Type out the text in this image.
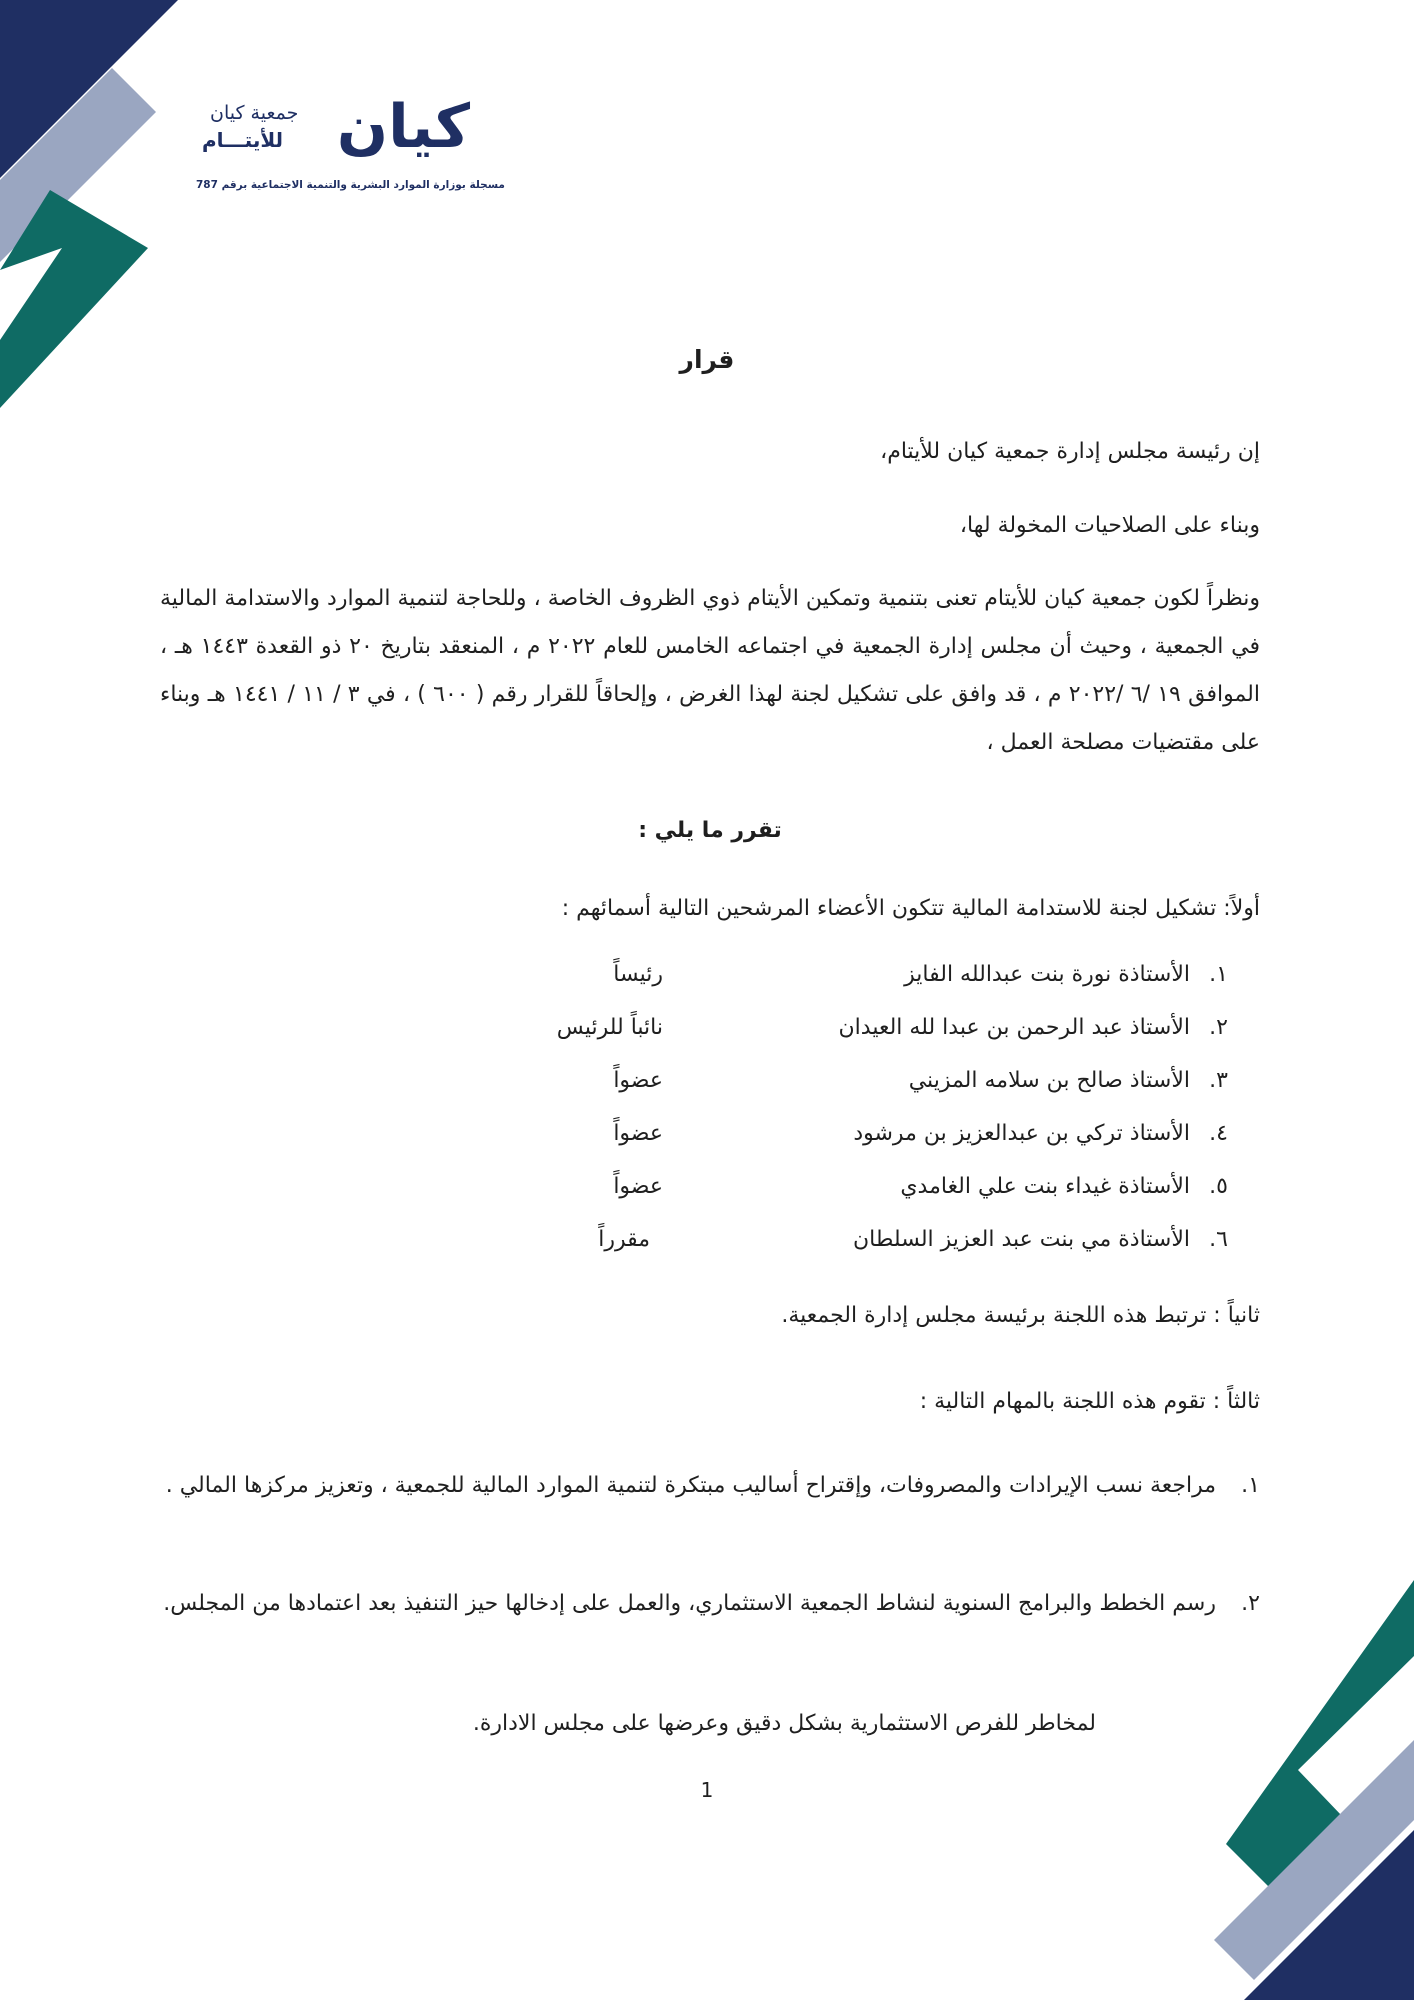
كيان
جمعية كيان
للأيتـــام
مسجلة بوزارة الموارد البشرية والتنمية الاجتماعية برقم 787
قرار
إن رئيسة مجلس إدارة جمعية كيان للأيتام،
وبناء على الصلاحيات المخولة لها،
ونظراً لكون جمعية كيان للأيتام تعنى بتنمية وتمكين الأيتام ذوي الظروف الخاصة ، وللحاجة لتنمية الموارد والاستدامة المالية في الجمعية ، وحيث أن مجلس إدارة الجمعية في اجتماعه الخامس للعام ٢٠٢٢ م ، المنعقد بتاريخ ٢٠ ذو القعدة ١٤٤٣ هـ ، الموافق ١٩ /٦ /٢٠٢٢ م ، قد وافق على تشكيل لجنة لهذا الغرض ، وإلحاقاً للقرار رقم ( ٦٠٠ ) ، في ٣ / ١١ / ١٤٤١ هـ وبناء على مقتضيات مصلحة العمل ،
تقرر ما يلي :
أولاً: تشكيل لجنة للاستدامة المالية تتكون الأعضاء المرشحين التالية أسمائهم :
١.
الأستاذة نورة بنت عبدالله الفايز
رئيساً
٢.
الأستاذ عبد الرحمن بن عبدا لله العيدان
نائباً للرئيس
٣.
الأستاذ صالح بن سلامه المزيني
عضواً
٤.
الأستاذ تركي بن عبدالعزيز بن مرشود
عضواً
٥.
الأستاذة غيداء بنت علي الغامدي
عضواً
٦.
الأستاذة مي بنت عبد العزيز السلطان
مقرراً
ثانياً : ترتبط هذه اللجنة برئيسة مجلس إدارة الجمعية.
ثالثاً : تقوم هذه اللجنة بالمهام التالية :
١.
مراجعة نسب الإيرادات والمصروفات، وإقتراح أساليب مبتكرة لتنمية الموارد المالية للجمعية ، وتعزيز مركزها المالي .
٢.
رسم الخطط والبرامج السنوية لنشاط الجمعية الاستثماري، والعمل على إدخالها حيز التنفيذ بعد اعتمادها من المجلس.
لمخاطر للفرص الاستثمارية بشكل دقيق وعرضها على مجلس الادارة.
1
